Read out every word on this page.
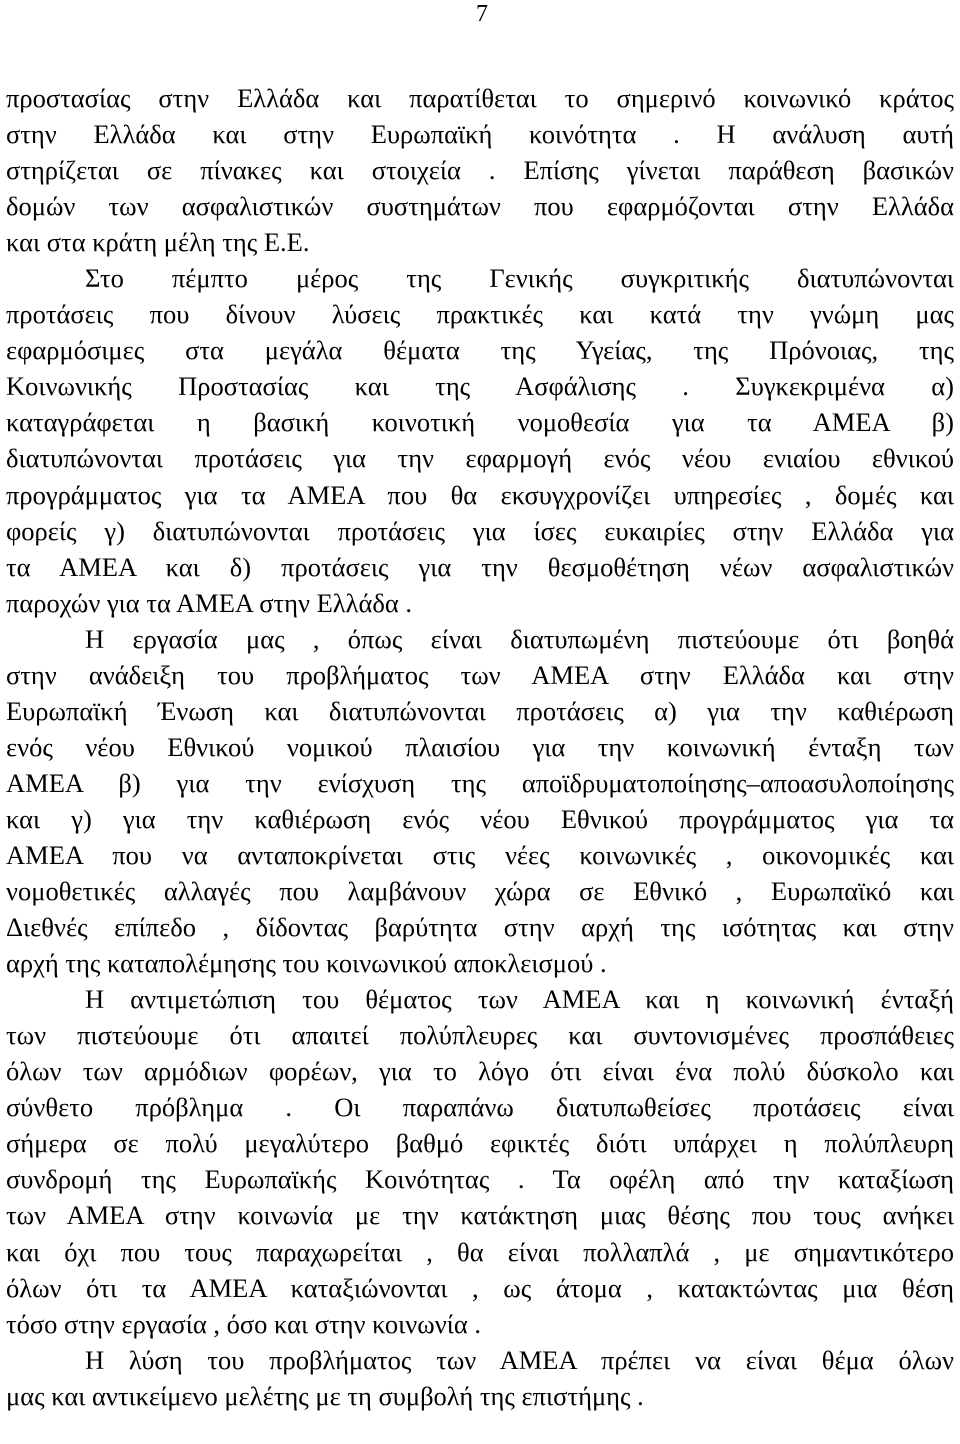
7
προστασίας στην Ελλάδα και παρατίθεται το σημερινό κοινωνικό κράτος
στην Ελλάδα και στην Ευρωπαϊκή κοινότητα . Η ανάλυση αυτή
στηρίζεται σε πίνακες και στοιχεία . Επίσης γίνεται παράθεση βασικών
δομών των ασφαλιστικών συστημάτων που εφαρμόζονται στην Ελλάδα
και στα κράτη μέλη της Ε.Ε.
Στο πέμπτο μέρος της Γενικής συγκριτικής διατυπώνονται
προτάσεις που δίνουν λύσεις πρακτικές και κατά την γνώμη μας
εφαρμόσιμες στα μεγάλα θέματα της Υγείας, της Πρόνοιας, της
Κοινωνικής Προστασίας και της Ασφάλισης . Συγκεκριμένα α)
καταγράφεται η βασική κοινοτική νομοθεσία για τα ΑΜΕΑ β)
διατυπώνονται προτάσεις για την εφαρμογή ενός νέου ενιαίου εθνικού
προγράμματος για τα ΑΜΕΑ που θα εκσυγχρονίζει υπηρεσίες , δομές και
φορείς γ) διατυπώνονται προτάσεις για ίσες ευκαιρίες στην Ελλάδα για
τα ΑΜΕΑ και δ) προτάσεις για την θεσμοθέτηση νέων ασφαλιστικών
παροχών για τα ΑΜΕΑ στην Ελλάδα .
Η εργασία μας , όπως είναι διατυπωμένη πιστεύουμε ότι βοηθά
στην ανάδειξη του προβλήματος των ΑΜΕΑ στην Ελλάδα και στην
Ευρωπαϊκή Ένωση και διατυπώνονται προτάσεις α) για την καθιέρωση
ενός νέου Εθνικού νομικού πλαισίου για την κοινωνική ένταξη των
ΑΜΕΑ β) για την ενίσχυση της αποϊδρυματοποίησης–αποασυλοποίησης
και γ) για την καθιέρωση ενός νέου Εθνικού προγράμματος για τα
ΑΜΕΑ που να ανταποκρίνεται στις νέες κοινωνικές , οικονομικές και
νομοθετικές αλλαγές που λαμβάνουν χώρα σε Εθνικό , Ευρωπαϊκό και
Διεθνές επίπεδο , δίδοντας βαρύτητα στην αρχή της ισότητας και στην
αρχή της καταπολέμησης του κοινωνικού αποκλεισμού .
Η αντιμετώπιση του θέματος των ΑΜΕΑ και η κοινωνική ένταξή
των πιστεύουμε ότι απαιτεί πολύπλευρες και συντονισμένες προσπάθειες
όλων των αρμόδιων φορέων, για το λόγο ότι είναι ένα πολύ δύσκολο και
σύνθετο πρόβλημα . Οι παραπάνω διατυπωθείσες προτάσεις είναι
σήμερα σε πολύ μεγαλύτερο βαθμό εφικτές διότι υπάρχει η πολύπλευρη
συνδρομή της Ευρωπαϊκής Κοινότητας . Τα οφέλη από την καταξίωση
των ΑΜΕΑ στην κοινωνία με την κατάκτηση μιας θέσης που τους ανήκει
και όχι που τους παραχωρείται , θα είναι πολλαπλά , με σημαντικότερο
όλων ότι τα ΑΜΕΑ καταξιώνονται , ως άτομα , κατακτώντας μια θέση
τόσο στην εργασία , όσο και στην κοινωνία .
Η λύση του προβλήματος των ΑΜΕΑ πρέπει να είναι θέμα όλων
μας και αντικείμενο μελέτης με τη συμβολή της επιστήμης .
